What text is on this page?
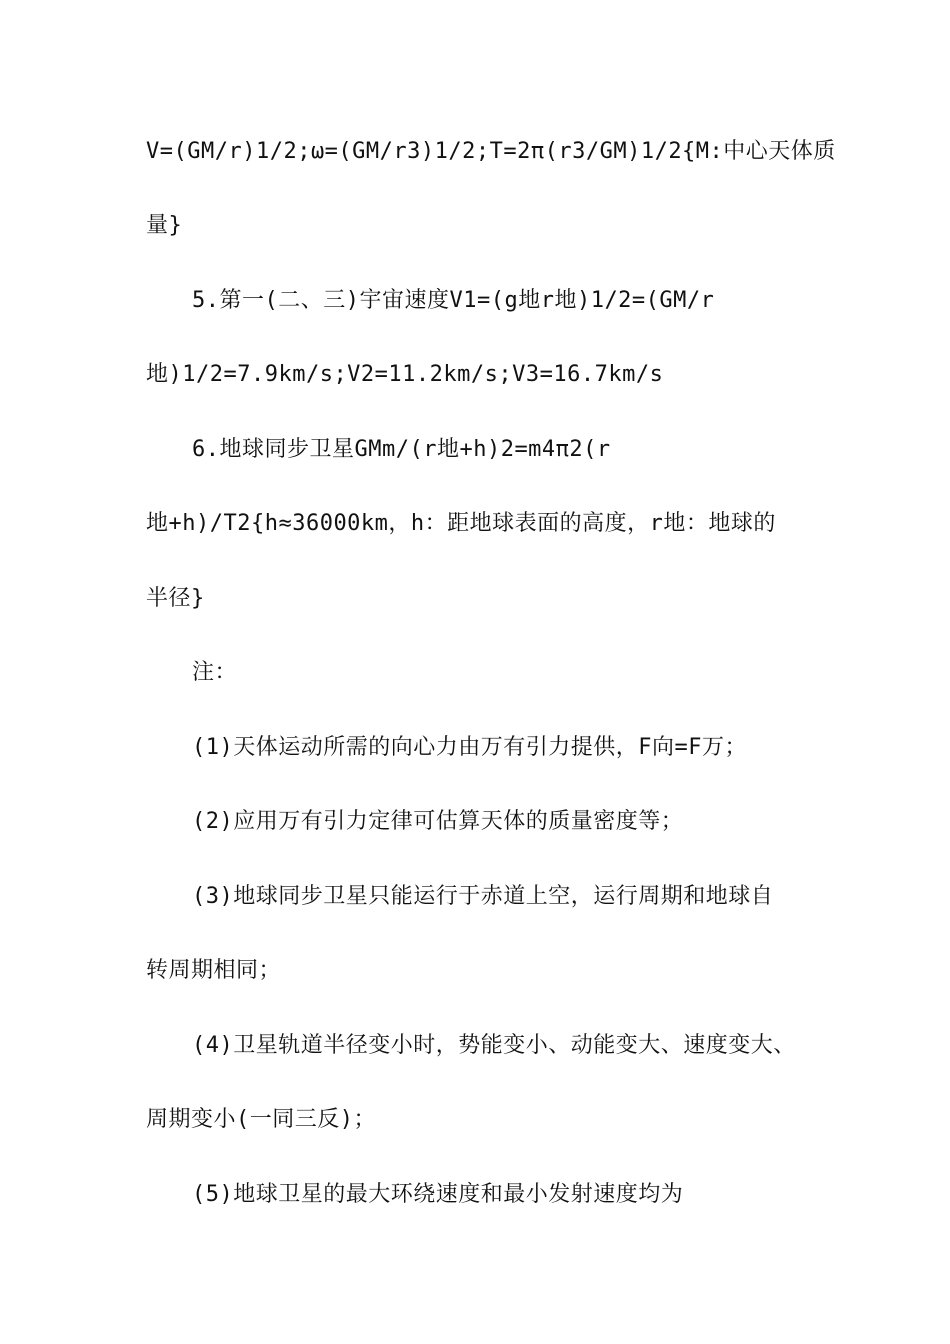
V=(GM/r)1/2;ω=(GM/r3)1/2;T=2π(r3/GM)1/2{M:中心天体质
量}
5.第一(二、三)宇宙速度V1=(g地r地)1/2=(GM/r
地)1/2=7.9km/s;V2=11.2km/s;V3=16.7km/s
6.地球同步卫星GMm/(r地+h)2=m4π2(r
地+h)/T2{h≈36000km，h：距地球表面的高度，r地：地球的
半径}
注：
(1)天体运动所需的向心力由万有引力提供，F向=F万；
(2)应用万有引力定律可估算天体的质量密度等；
(3)地球同步卫星只能运行于赤道上空，运行周期和地球自
转周期相同；
(4)卫星轨道半径变小时，势能变小、动能变大、速度变大、
周期变小(一同三反)；
(5)地球卫星的最大环绕速度和最小发射速度均为
